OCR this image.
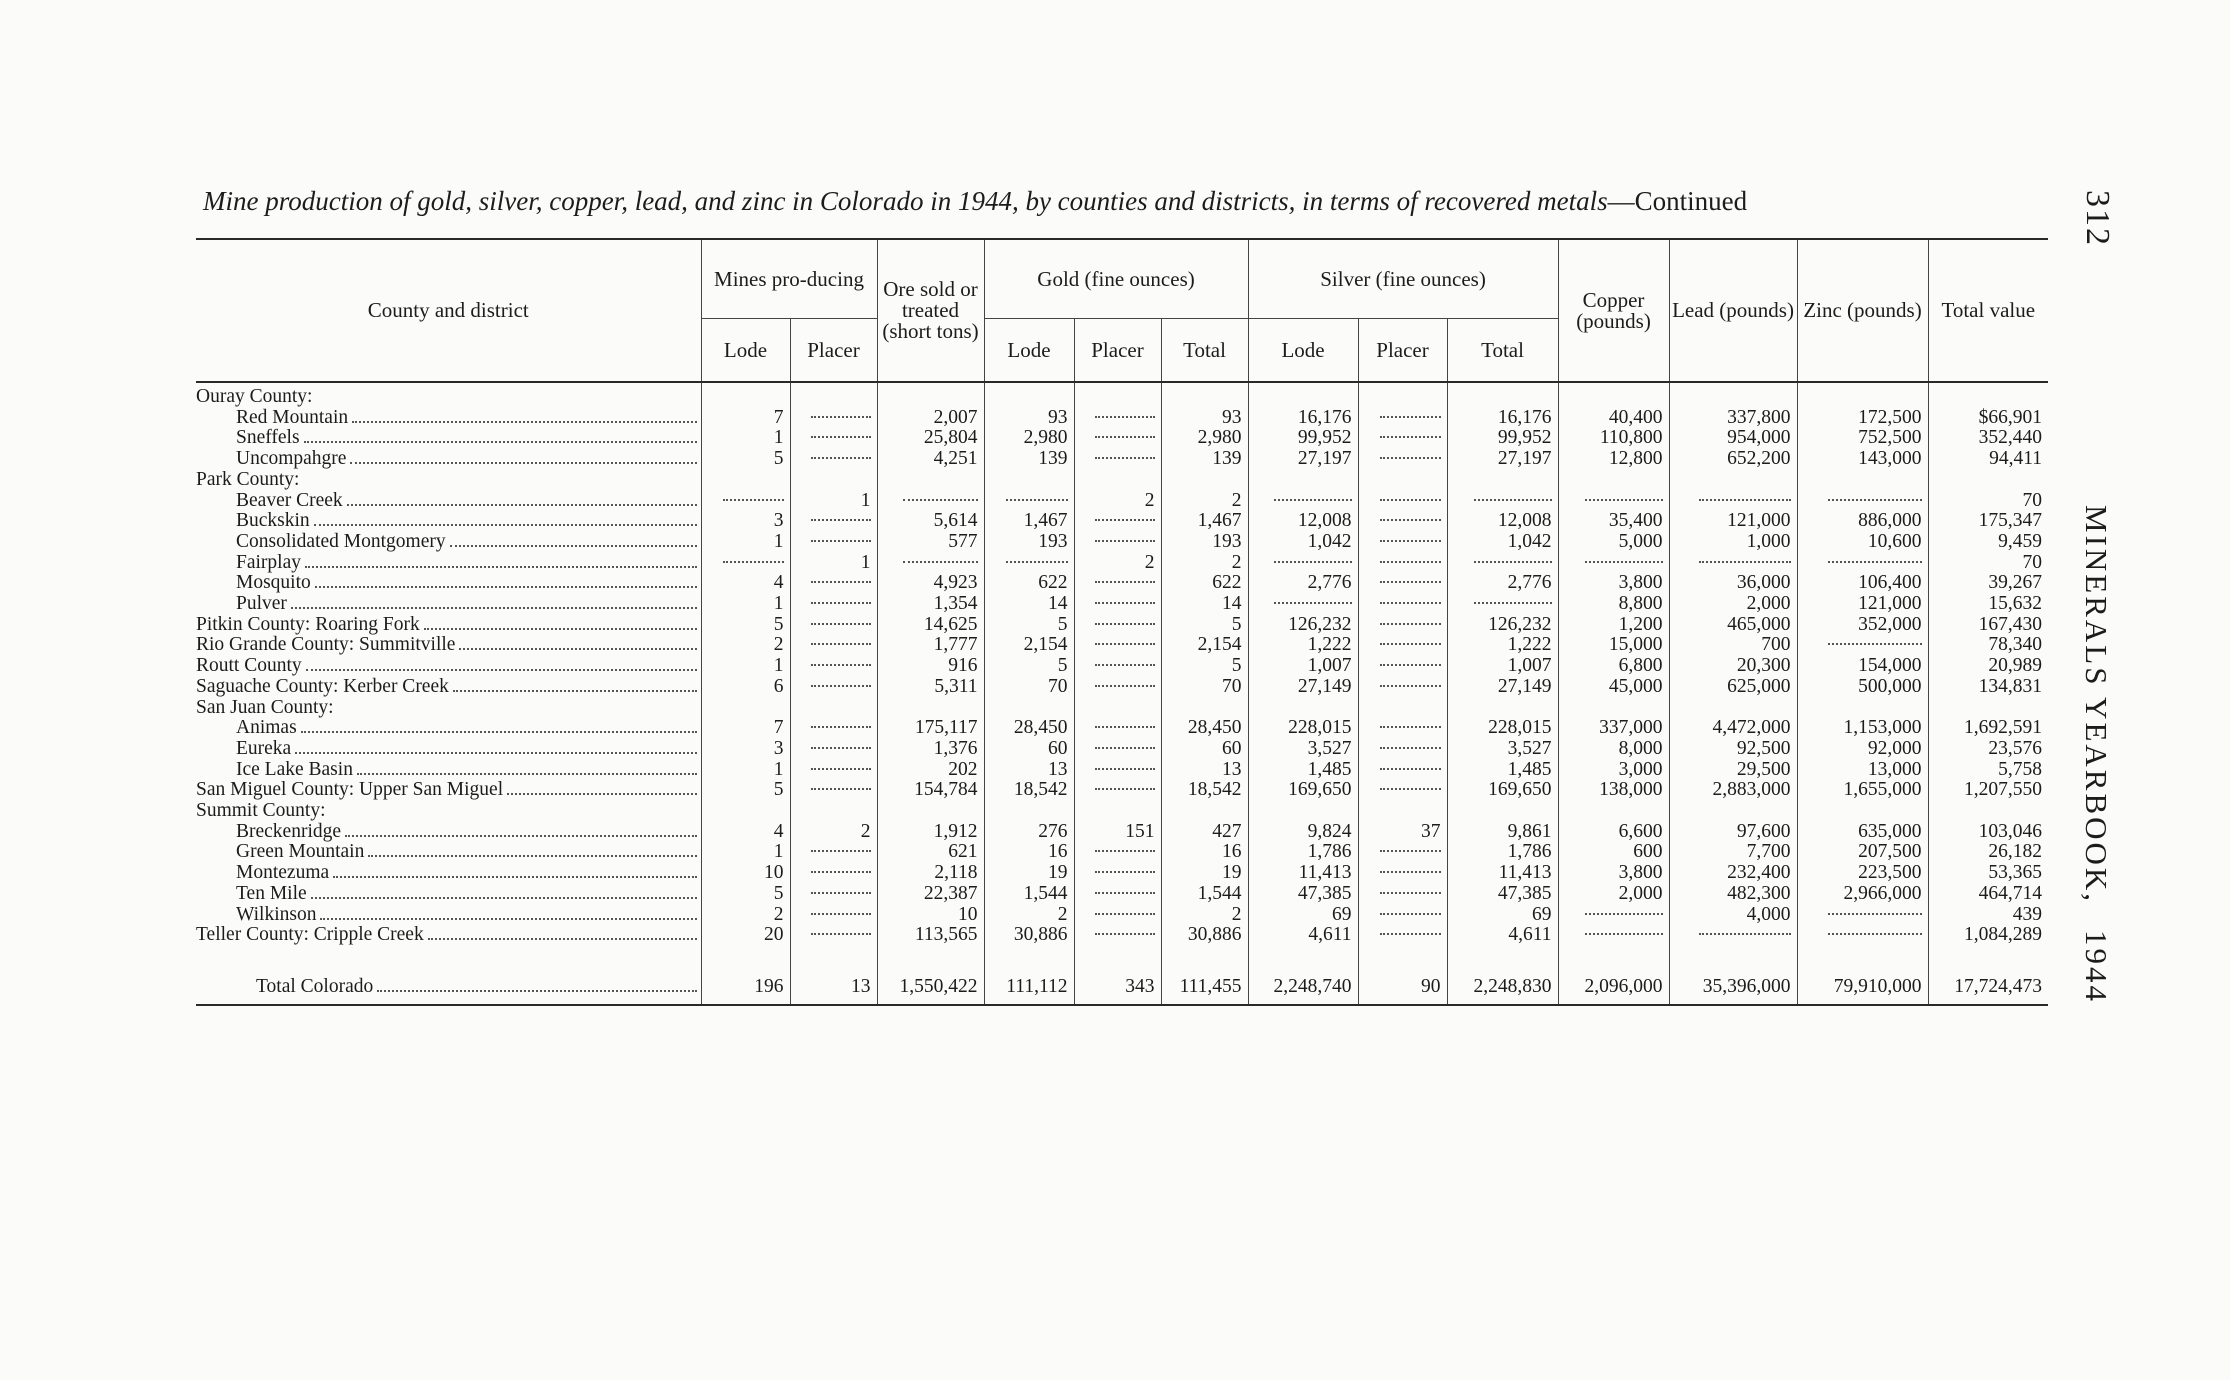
Mine production of gold, silver, copper, lead, and zinc in Colorado in 1944, by counties and districts, in terms of recovered metals—Continued	312
MINERALS YEARBOOK,1944
County and district	Mines pro-ducing		Ore sold or treated (short tons)	Gold (fine ounces)			Silver (fine ounces)			Copper (pounds)	Lead (pounds)	Zinc (pounds)	Total value
	Lode	Placer		Lode	Placer	Total	Lode	Placer	Total				

Ouray County:													

Red Mountain	7		2,007	93		93	16,176		16,176	40,400	337,800	172,500	$66,901

Sneffels	1		25,804	2,980		2,980	99,952		99,952	110,800	954,000	752,500	352,440

Uncompahgre	5		4,251	139		139	27,197		27,197	12,800	652,200	143,000	94,411

Park County:													

Beaver Creek		1			2	2							70

Buckskin	3		5,614	1,467		1,467	12,008		12,008	35,400	121,000	886,000	175,347

Consolidated Montgomery	1		577	193		193	1,042		1,042	5,000	1,000	10,600	9,459

Fairplay		1			2	2							70

Mosquito	4		4,923	622		622	2,776		2,776	3,800	36,000	106,400	39,267

Pulver	1		1,354	14		14				8,800	2,000	121,000	15,632

Pitkin County: Roaring Fork	5		14,625	5		5	126,232		126,232	1,200	465,000	352,000	167,430

Rio Grande County: Summitville	2		1,777	2,154		2,154	1,222		1,222	15,000	700		78,340

Routt County	1		916	5		5	1,007		1,007	6,800	20,300	154,000	20,989

Saguache County: Kerber Creek	6		5,311	70		70	27,149		27,149	45,000	625,000	500,000	134,831

San Juan County:													

Animas	7		175,117	28,450		28,450	228,015		228,015	337,000	4,472,000	1,153,000	1,692,591

Eureka	3		1,376	60		60	3,527		3,527	8,000	92,500	92,000	23,576

Ice Lake Basin	1		202	13		13	1,485		1,485	3,000	29,500	13,000	5,758

San Miguel County: Upper San Miguel	5		154,784	18,542		18,542	169,650		169,650	138,000	2,883,000	1,655,000	1,207,550

Summit County:													

Breckenridge	4	2	1,912	276	151	427	9,824	37	9,861	6,600	97,600	635,000	103,046

Green Mountain	1		621	16		16	1,786		1,786	600	7,700	207,500	26,182

Montezuma	10		2,118	19		19	11,413		11,413	3,800	232,400	223,500	53,365

Ten Mile	5		22,387	1,544		1,544	47,385		47,385	2,000	482,300	2,966,000	464,714

Wilkinson	2		10	2		2	69		69		4,000		439

Teller County: Cripple Creek	20		113,565	30,886		30,886	4,611		4,611				1,084,289

Total Colorado	196	13	1,550,422	111,112	343	111,455	2,248,740	90	2,248,830	2,096,000	35,396,000	79,910,000	17,724,473
